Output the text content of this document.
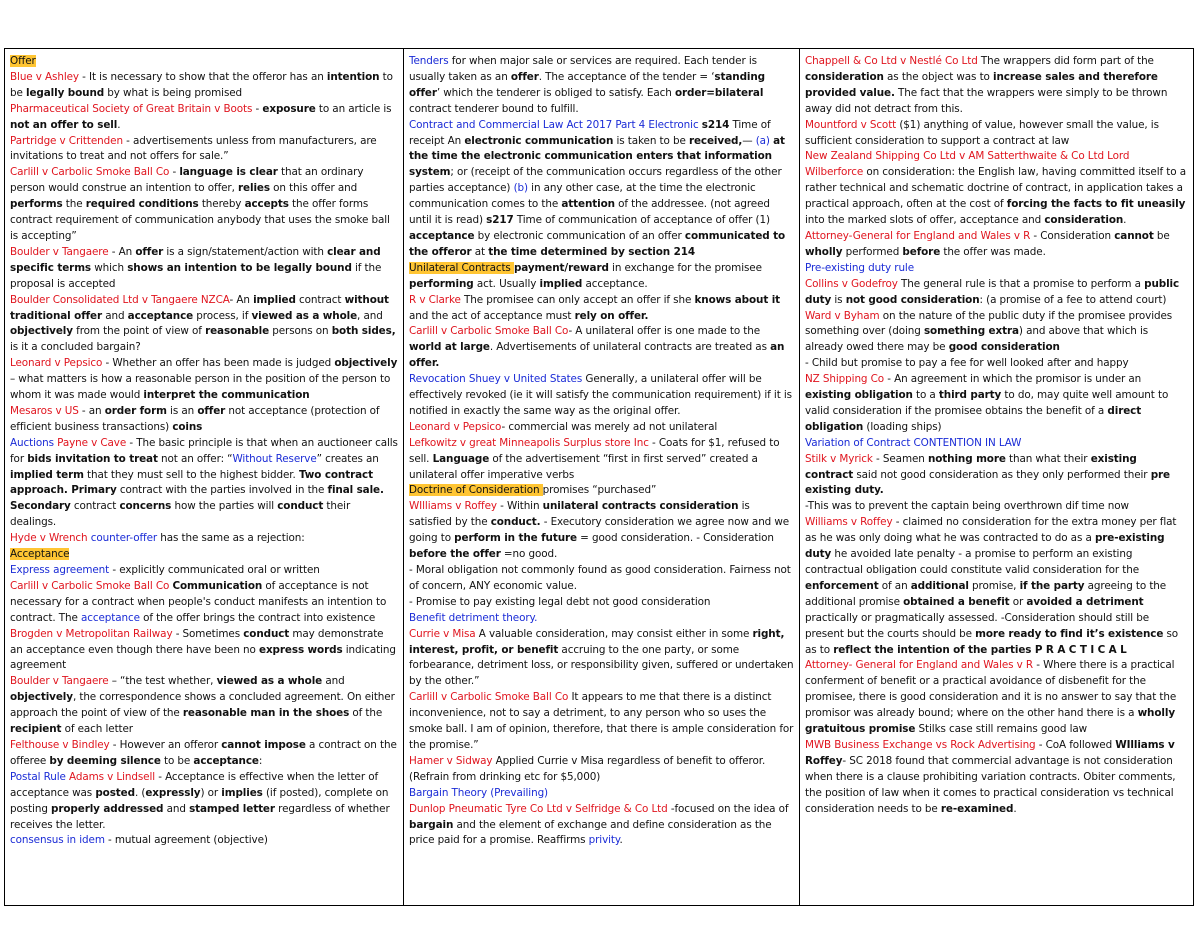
Offer

Blue v Ashley - It is necessary to show that the offeror has an intention to be legally bound by what is being promised

Pharmaceutical Society of Great Britain v Boots - exposure to an article is not an offer to sell.

Partridge v Crittenden - advertisements unless from manufacturers, are invitations to treat and not offers for sale.”

Carlill v Carbolic Smoke Ball Co - language is clear that an ordinary person would construe an intention to offer, relies on this offer and performs the required conditions thereby accepts the offer forms contract requirement of communication anybody that uses the smoke ball is accepting”

Boulder v Tangaere - An offer is a sign/statement/action with clear and specific terms which shows an intention to be legally bound if the proposal is accepted

Boulder Consolidated Ltd v Tangaere NZCA- An implied contract without traditional offer and acceptance process, if viewed as a whole, and objectively from the point of view of reasonable persons on both sides, is it a concluded bargain?

Leonard v Pepsico - Whether an offer has been made is judged objectively – what matters is how a reasonable person in the position of the person to whom it was made would interpret the communication

Mesaros v US - an order form is an offer not acceptance (protection of efficient business transactions) coins

Auctions Payne v Cave - The basic principle is that when an auctioneer calls for bids invitation to treat not an offer: “Without Reserve” creates an implied term that they must sell to the highest bidder. Two contract approach. Primary contract with the parties involved in the final sale. Secondary contract concerns how the parties will conduct their dealings.

Hyde v Wrench counter-offer has the same as a rejection:

Acceptance

Express agreement - explicitly communicated oral or written

Carlill v Carbolic Smoke Ball Co Communication of acceptance is not necessary for a contract when people's conduct manifests an intention to contract. The acceptance of the offer brings the contract into existence

Brogden v Metropolitan Railway - Sometimes conduct may demonstrate an acceptance even though there have been no express words indicating agreement

Boulder v Tangaere – “the test whether, viewed as a whole and objectively, the correspondence shows a concluded agreement. On either approach the point of view of the reasonable man in the shoes of the recipient of each letter

Felthouse v Bindley - However an offeror cannot impose a contract on the offeree by deeming silence to be acceptance:

Postal Rule Adams v Lindsell - Acceptance is effective when the letter of acceptance was posted. (expressly) or implies (if posted), complete on posting properly addressed and stamped letter regardless of whether receives the letter.

consensus in idem - mutual agreement (objective)

Tenders for when major sale or services are required. Each tender is usually taken as an offer. The acceptance of the tender = ‘standing offer’ which the tenderer is obliged to satisfy. Each order=bilateral contract tenderer bound to fulfill.

Contract and Commercial Law Act 2017 Part 4 Electronic s214 Time of receipt An electronic communication is taken to be received,— (a) at the time the electronic communication enters that information system; or (receipt of the communication occurs regardless of the other parties acceptance) (b) in any other case, at the time the electronic communication comes to the attention of the addressee. (not agreed until it is read) s217 Time of communication of acceptance of offer (1) acceptance by electronic communication of an offer communicated to the offeror at the time determined by section 214

Unilateral Contracts payment/reward in exchange for the promisee performing act. Usually implied acceptance.

R v Clarke The promisee can only accept an offer if she knows about it and the act of acceptance must rely on offer.

Carlill v Carbolic Smoke Ball Co- A unilateral offer is one made to the world at large. Advertisements of unilateral contracts are treated as an offer.

Revocation Shuey v United States Generally, a unilateral offer will be effectively revoked (ie it will satisfy the communication requirement) if it is notified in exactly the same way as the original offer.

Leonard v Pepsico- commercial was merely ad not unilateral

Lefkowitz v great Minneapolis Surplus store Inc - Coats for $1, refused to sell. Language of the advertisement “first in first served” created a unilateral offer imperative verbs

Doctrine of Consideration promises “purchased”

WIlliams v Roffey - Within unilateral contracts consideration is satisfied by the conduct. - Executory consideration we agree now and we going to perform in the future = good consideration. - Consideration before the offer =no good.

- Moral obligation not commonly found as good consideration. Fairness not of concern, ANY economic value.

- Promise to pay existing legal debt not good consideration

Benefit detriment theory.

Currie v Misa A valuable consideration, may consist either in some right, interest, profit, or benefit accruing to the one party, or some forbearance, detriment loss, or responsibility given, suffered or undertaken by the other.”

Carlill v Carbolic Smoke Ball Co It appears to me that there is a distinct inconvenience, not to say a detriment, to any person who so uses the smoke ball. I am of opinion, therefore, that there is ample consideration for the promise.”

Hamer v Sidway Applied Currie v Misa regardless of benefit to offeror. (Refrain from drinking etc for $5,000)

Bargain Theory (Prevailing)

Dunlop Pneumatic Tyre Co Ltd v Selfridge & Co Ltd -focused on the idea of bargain and the element of exchange and define consideration as the price paid for a promise. Reaffirms privity.

Chappell & Co Ltd v Nestlé Co Ltd The wrappers did form part of the consideration as the object was to increase sales and therefore provided value. The fact that the wrappers were simply to be thrown away did not detract from this.

Mountford v Scott ($1) anything of value, however small the value, is sufficient consideration to support a contract at law

New Zealand Shipping Co Ltd v AM Satterthwaite & Co Ltd Lord Wilberforce on consideration: the English law, having committed itself to a rather technical and schematic doctrine of contract, in application takes a practical approach, often at the cost of forcing the facts to fit uneasily into the marked slots of offer, acceptance and consideration.

Attorney-General for England and Wales v R - Consideration cannot be wholly performed before the offer was made.

Pre-existing duty rule

Collins v Godefroy The general rule is that a promise to perform a public duty is not good consideration: (a promise of a fee to attend court)

Ward v Byham on the nature of the public duty if the promisee provides something over (doing something extra) and above that which is already owed there may be good consideration

- Child but promise to pay a fee for well looked after and happy

NZ Shipping Co - An agreement in which the promisor is under an existing obligation to a third party to do, may quite well amount to valid consideration if the promisee obtains the benefit of a direct obligation (loading ships)

Variation of Contract CONTENTION IN LAW

Stilk v Myrick - Seamen nothing more than what their existing contract said not good consideration as they only performed their pre existing duty.

-This was to prevent the captain being overthrown dif time now

Williams v Roffey - claimed no consideration for the extra money per flat as he was only doing what he was contracted to do as a pre-existing duty he avoided late penalty - a promise to perform an existing contractual obligation could constitute valid consideration for the enforcement of an additional promise, if the party agreeing to the additional promise obtained a benefit or avoided a detriment practically or pragmatically assessed. -Consideration should still be present but the courts should be more ready to find it’s existence so as to reflect the intention of the parties P R A C T I C A L

Attorney- General for England and Wales v R - Where there is a practical conferment of benefit or a practical avoidance of disbenefit for the promisee, there is good consideration and it is no answer to say that the promisor was already bound; where on the other hand there is a wholly gratuitous promise Stilks case still remains good law

MWB Business Exchange vs Rock Advertising - CoA followed WIlliams v Roffey- SC 2018 found that commercial advantage is not consideration when there is a clause prohibiting variation contracts. Obiter comments, the position of law when it comes to practical consideration vs technical consideration needs to be re-examined.
